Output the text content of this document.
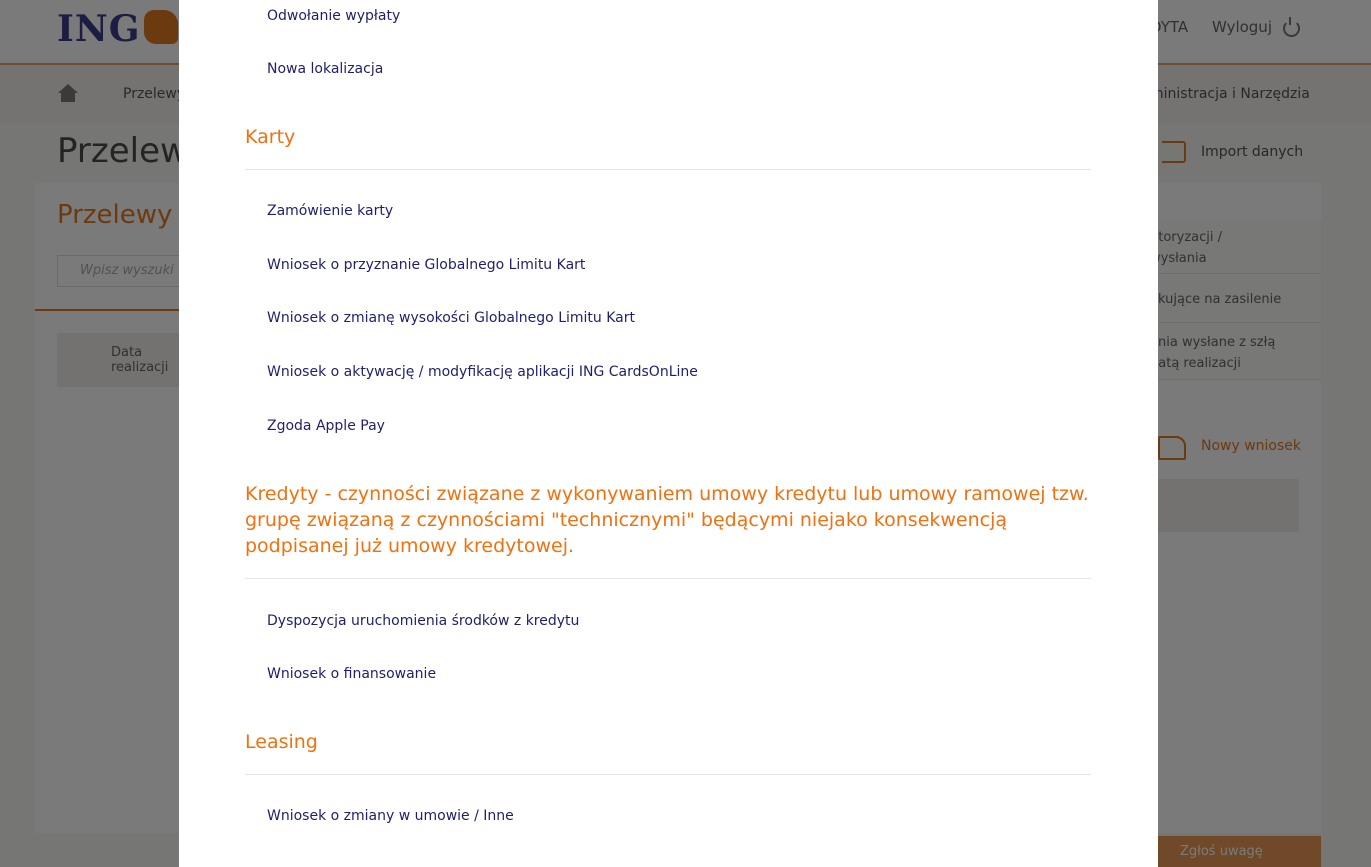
Odwołanie wypłaty
Nowa lokalizacja
Karty
Zamówienie karty
Wniosek o przyznanie Globalnego Limitu Kart
Wniosek o zmianę wysokości Globalnego Limitu Kart
Wniosek o aktywację / modyfikację aplikacji ING CardsOnLine
Zgoda Apple Pay
Kredyty - czynności związane z wykonywaniem umowy kredytu lub umowy ramowej tzw. grupę związaną z czynnościami "technicznymi" będącymi niejako konsekwencją podpisanej już umowy kredytowej.
Dyspozycja uruchomienia środków z kredytu
Wniosek o finansowanie
Leasing
Wniosek o zmiany w umowie / Inne
